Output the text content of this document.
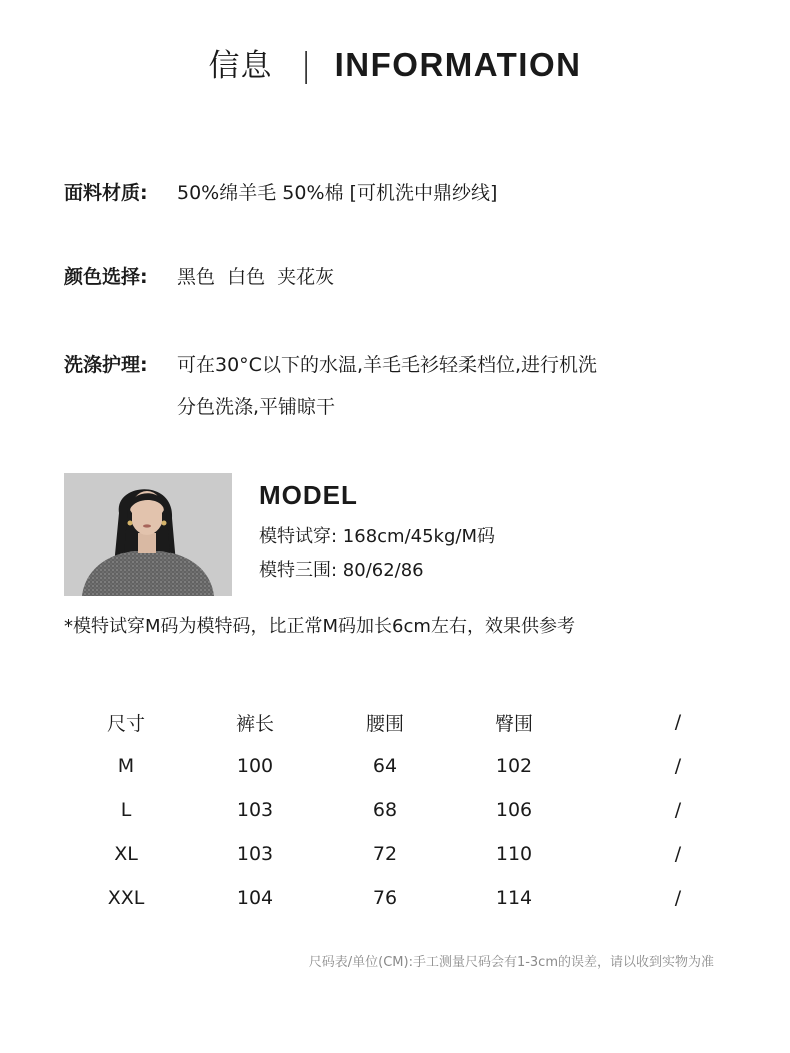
信息 | INFORMATION
面料材质: 50%绵羊毛 50%棉 [可机洗中鼎纱线]
颜色选择: 黑色  白色  夹花灰
洗涤护理: 可在30°C以下的水温,羊毛毛衫轻柔档位,进行机洗
分色洗涤,平铺晾干
MODEL
模特试穿: 168cm/45kg/M码
模特三围: 80/62/86
*模特试穿M码为模特码，比正常M码加长6cm左右，效果供参考
尺寸	裤长	腰围	臀围	/
M	100	64	102	/
L	103	68	106	/
XL	103	72	110	/
XXL	104	76	114	/
尺码表/单位(CM):手工测量尺码会有1-3cm的误差，请以收到实物为准
